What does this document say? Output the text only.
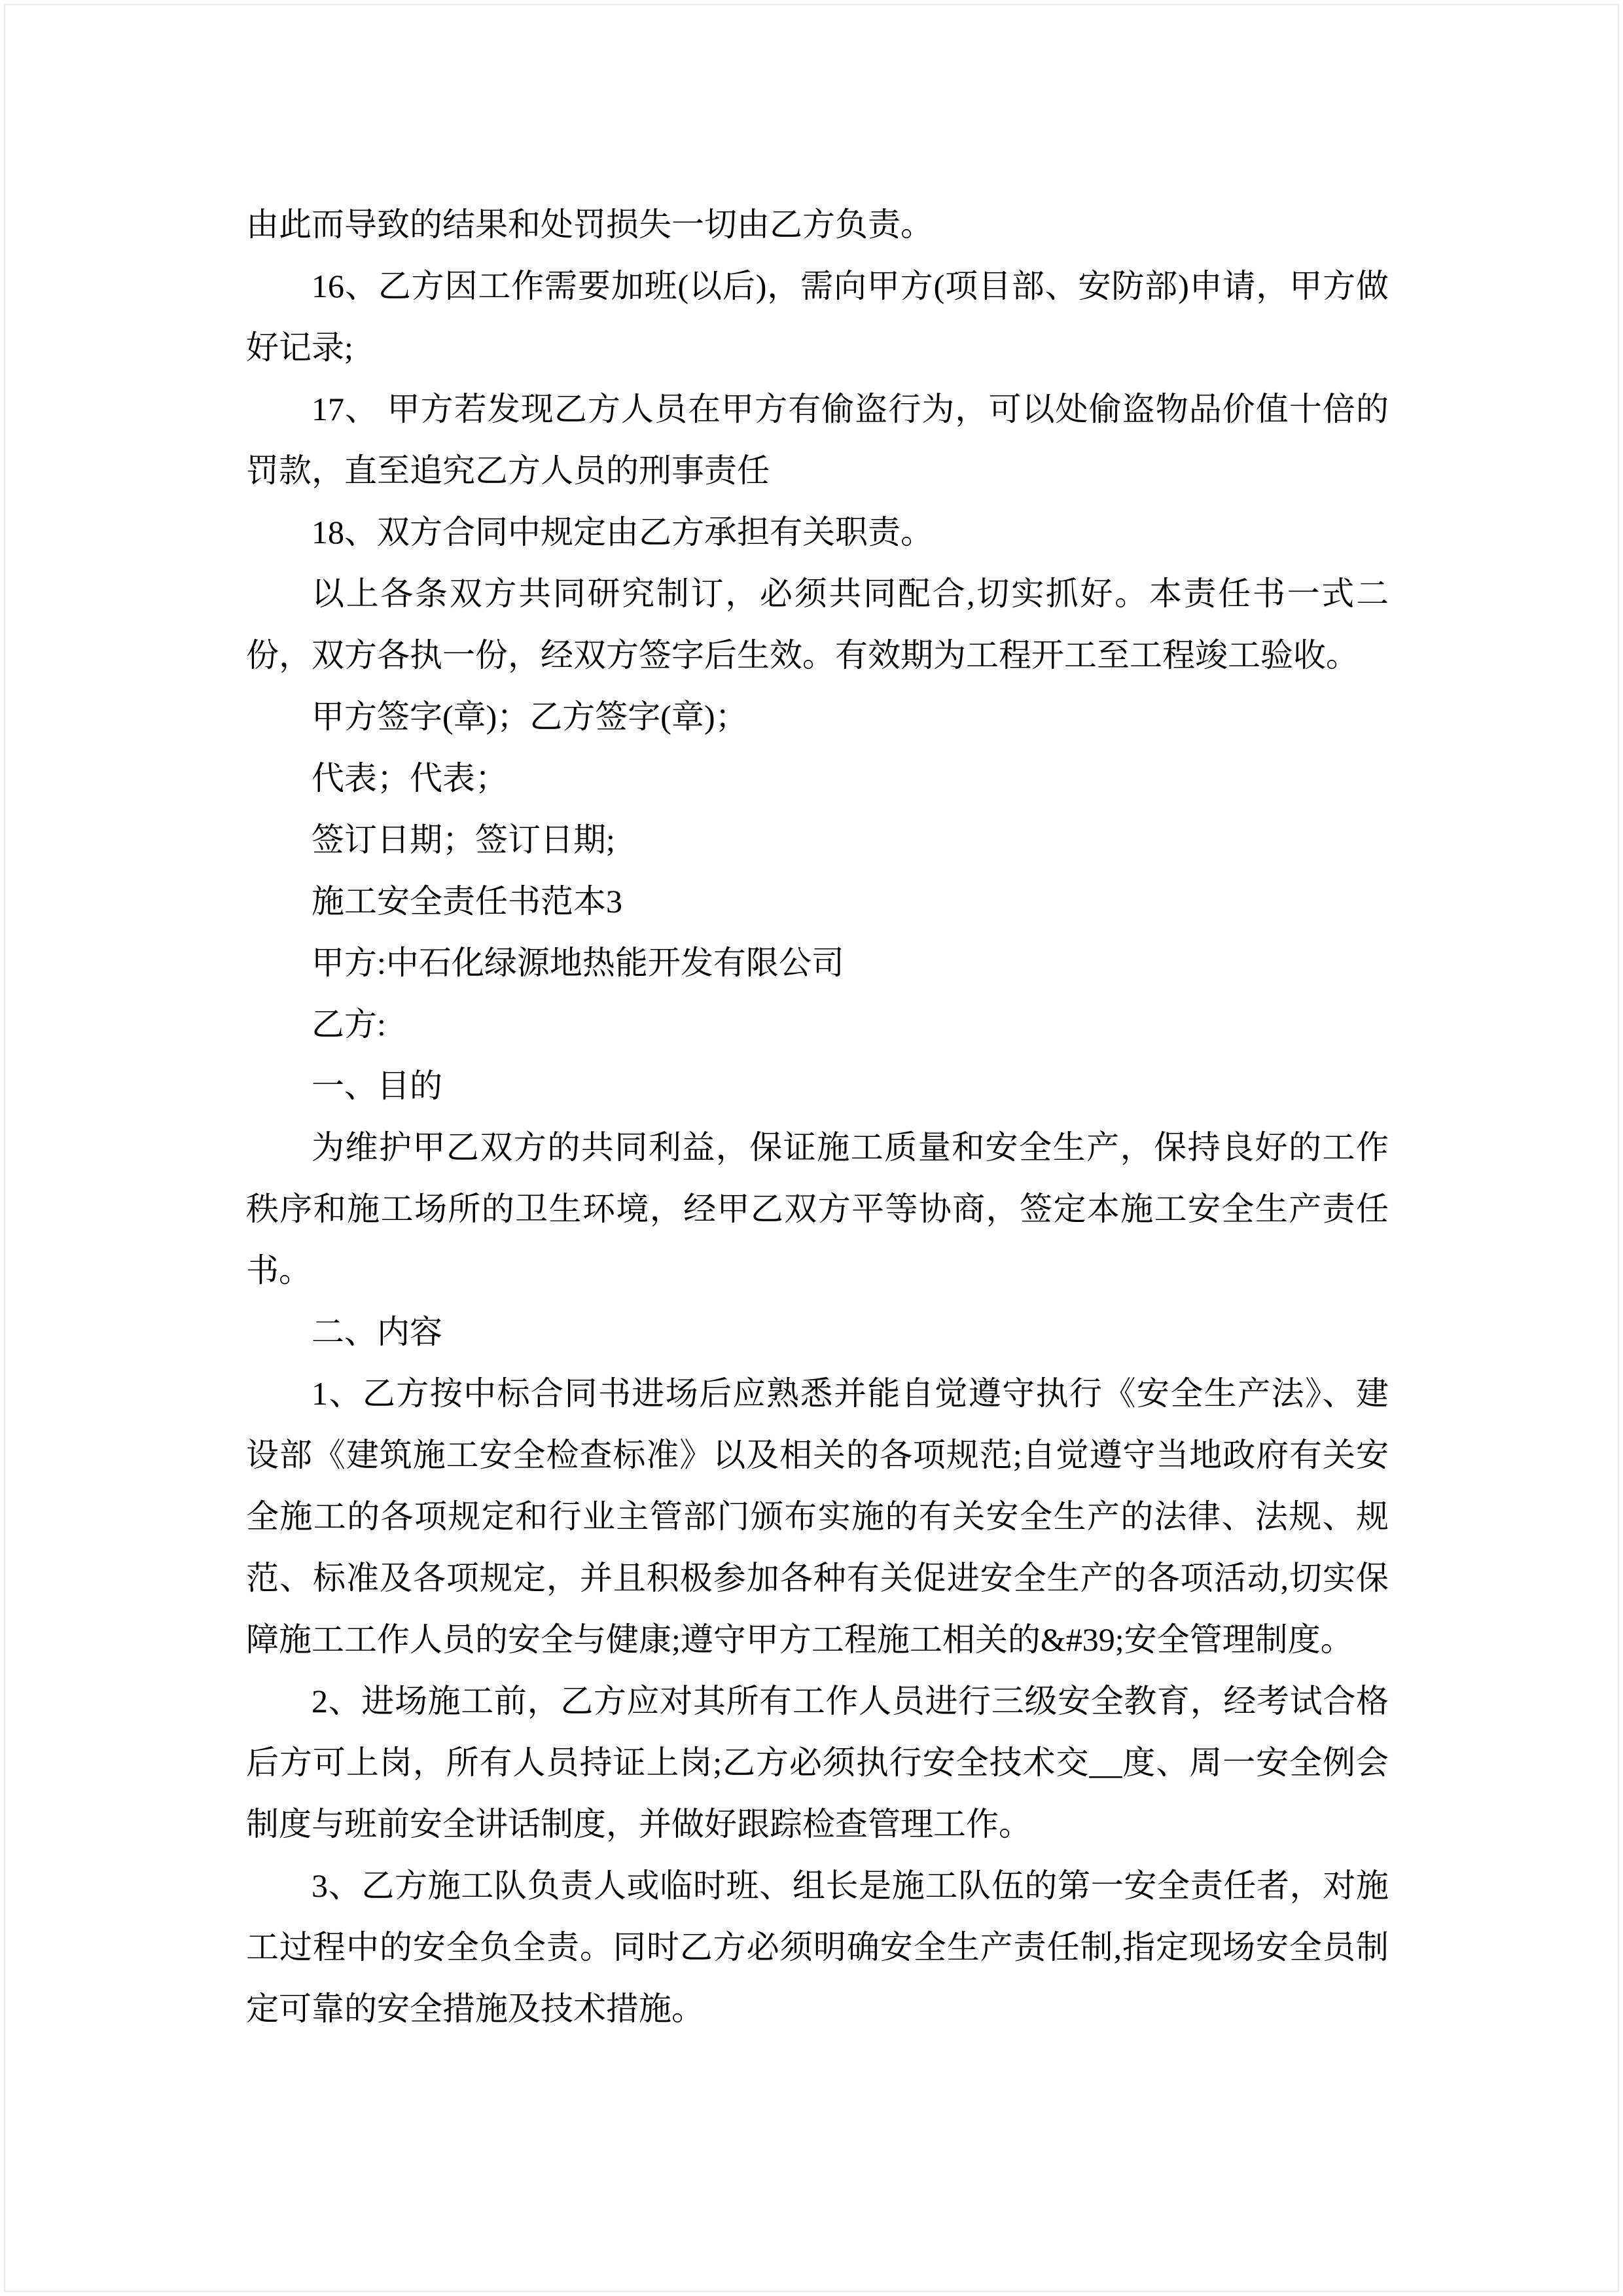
由此而导致的结果和处罚损失一切由乙方负责。

16、乙方因工作需要加班(以后)，需向甲方(项目部、安防部)申请，甲方做好记录;

17、 甲方若发现乙方人员在甲方有偷盗行为，可以处偷盗物品价值十倍的罚款，直至追究乙方人员的刑事责任

18、双方合同中规定由乙方承担有关职责。

以上各条双方共同研究制订，必须共同配合,切实抓好。本责任书一式二份，双方各执一份，经双方签字后生效。有效期为工程开工至工程竣工验收。

甲方签字(章)；乙方签字(章)；

代表；代表；

签订日期；签订日期;

施工安全责任书范本3

甲方:中石化绿源地热能开发有限公司

乙方:

一、目的

为维护甲乙双方的共同利益，保证施工质量和安全生产，保持良好的工作秩序和施工场所的卫生环境，经甲乙双方平等协商，签定本施工安全生产责任书。

二、内容

1、乙方按中标合同书进场后应熟悉并能自觉遵守执行《安全生产法》、建设部《建筑施工安全检查标准》以及相关的各项规范;自觉遵守当地政府有关安全施工的各项规定和行业主管部门颁布实施的有关安全生产的法律、法规、规范、标准及各项规定，并且积极参加各种有关促进安全生产的各项活动,切实保障施工工作人员的安全与健康;遵守甲方工程施工相关的&#39;安全管理制度。

2、进场施工前，乙方应对其所有工作人员进行三级安全教育，经考试合格后方可上岗，所有人员持证上岗;乙方必须执行安全技术交__度、周一安全例会制度与班前安全讲话制度，并做好跟踪检查管理工作。

3、乙方施工队负责人或临时班、组长是施工队伍的第一安全责任者，对施工过程中的安全负全责。同时乙方必须明确安全生产责任制,指定现场安全员制定可靠的安全措施及技术措施。
